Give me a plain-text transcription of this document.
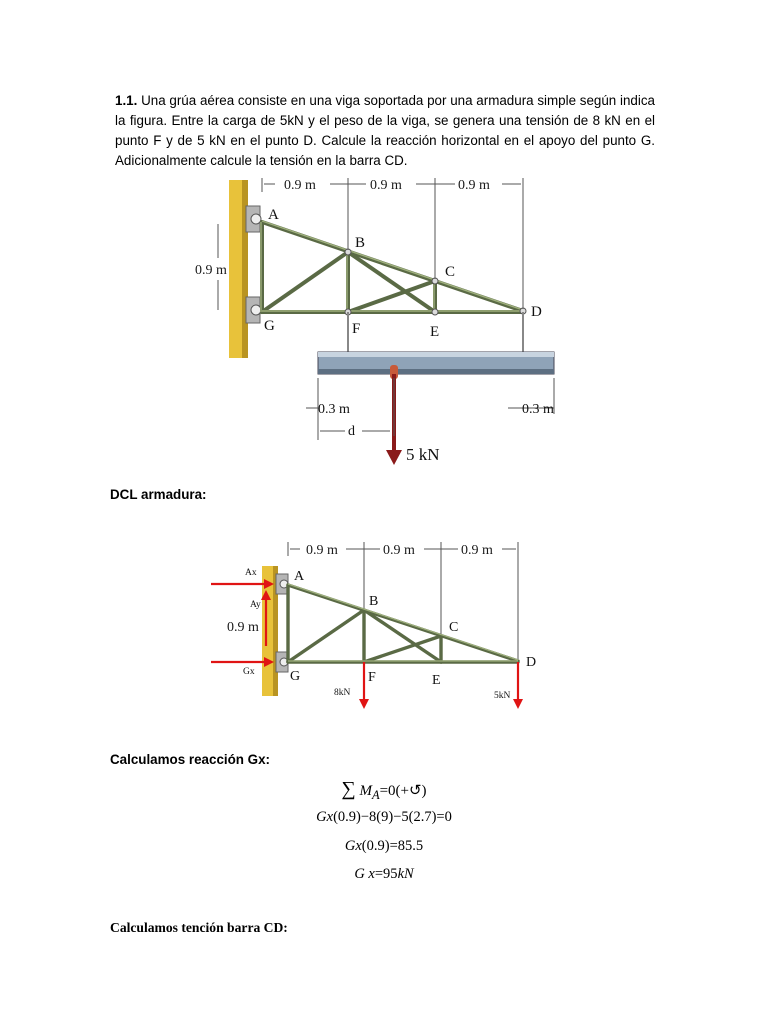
1.1. Una grúa aérea consiste en una viga soportada por una armadura simple según indica la figura. Entre la carga de 5kN y el peso de la viga, se genera una tensión de 8 kN en el punto F y de 5 kN en el punto D. Calcule la reacción horizontal en el apoyo del punto G. Adicionalmente calcule la tensión en la barra CD.

0.9 m	0.9 m	0.9 m
0.9 m
A
B
C
D
G	F	E
5 kN
0.3 m	0.3 m
d

DCL armadura:

0.9 m	0.9 m	0.9 m
0.9 m
A
B
C
D
G	F	E
Ax
Ay
Gx
8kN	5kN

Calculamos reacción Gx:

∑ $M_A=0(+↺)$

Gx(0.9)−8(9)−5(2.7)=0

Gx(0.9)=85.5

G x=95kN

Calculamos tención barra CD:
